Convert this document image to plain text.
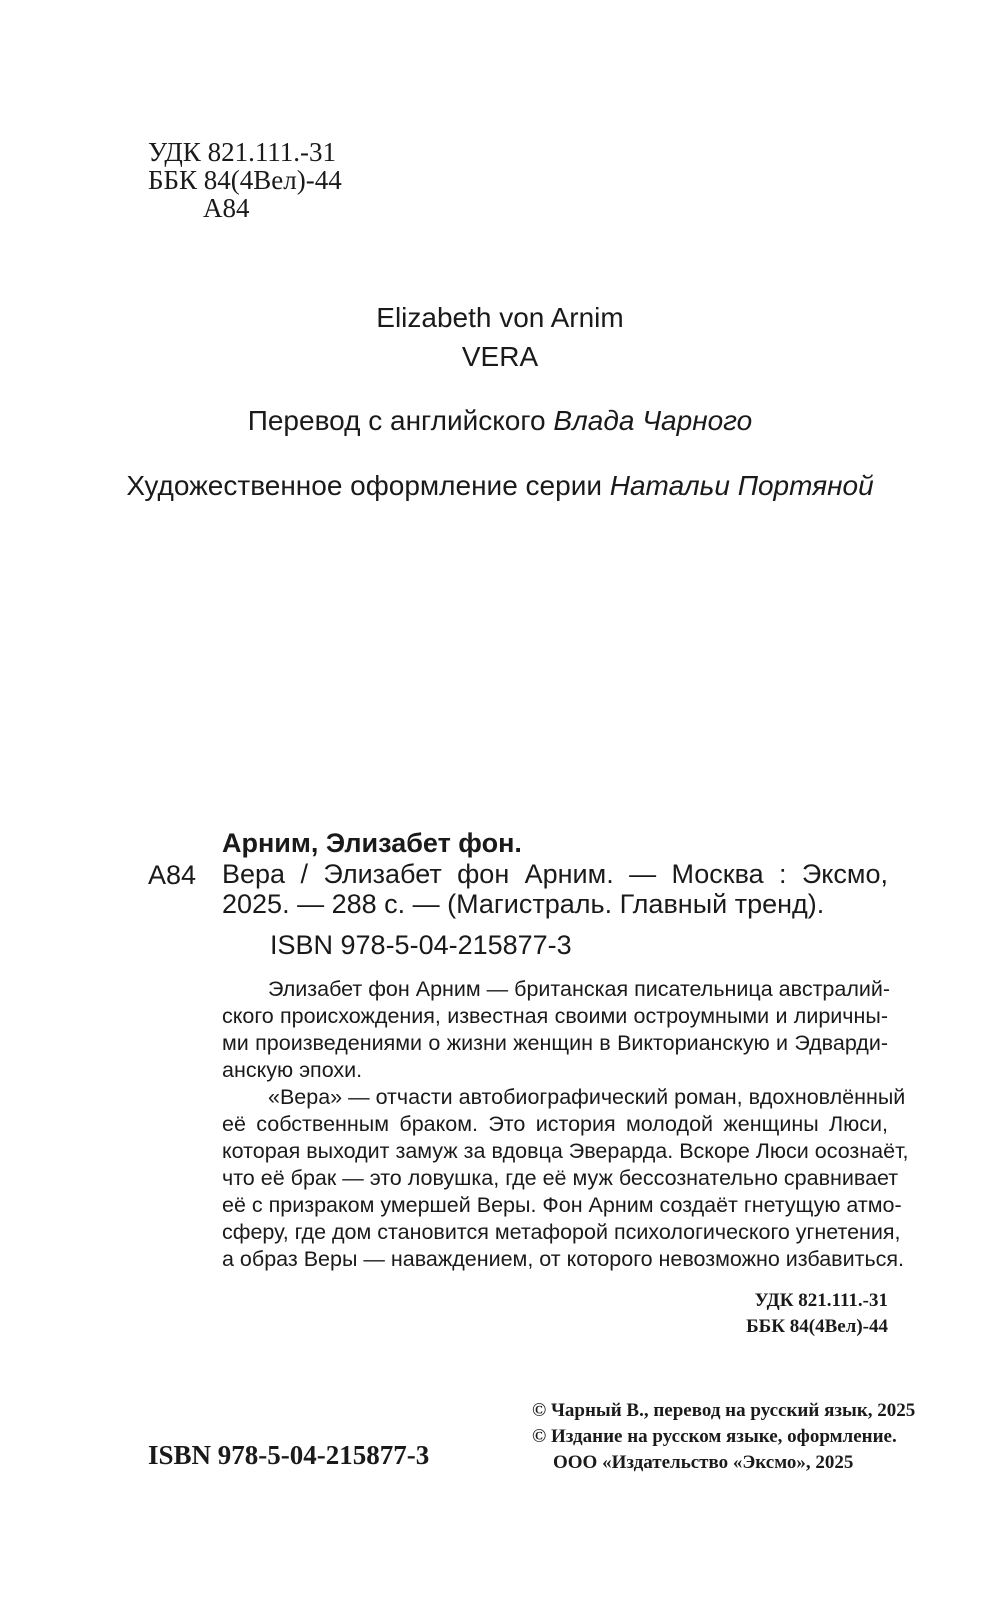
УДК 821.111.-31

ББК 84(4Вел)-44

А84

Elizabeth von Arnim

VERA

Перевод с английского Влада Чарного

Художественное оформление серии Натальи Портяной

А84

Арним, Элизабет фон.

Вера / Элизабет фон Арним. — Москва : Эксмо,

2025. — 288 с. — (Магистраль. Главный тренд).

ISBN 978-5-04-215877-3

Элизабет фон Арним — британская писательница австралий-

ского происхождения, известная своими остроумными и лиричны-

ми произведениями о жизни женщин в Викторианскую и Эдварди-

анскую эпохи.

«Вера» — отчасти автобиографический роман, вдохновлённый

её собственным браком. Это история молодой женщины Люси,

которая выходит замуж за вдовца Эверарда. Вскоре Люси осознаёт,

что её брак — это ловушка, где её муж бессознательно сравнивает

её с призраком умершей Веры. Фон Арним создаёт гнетущую атмо-

сферу, где дом становится метафорой психологического угнетения,

а образ Веры — наваждением, от которого невозможно избавиться.

УДК 821.111.-31

ББК 84(4Вел)-44

© Чарный В., перевод на русский язык, 2025

© Издание на русском языке, оформление.

ООО «Издательство «Эксмо», 2025

ISBN 978-5-04-215877-3
